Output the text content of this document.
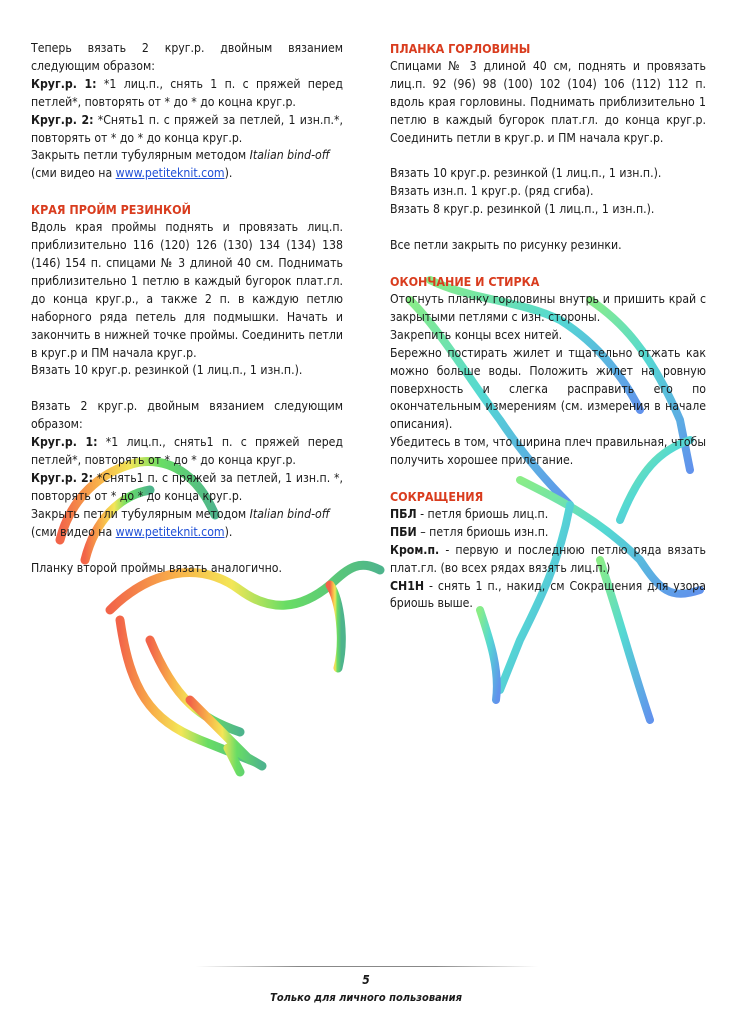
Теперь вязать 2 круг.р. двойным вязанием следующим образом:

Круг.р. 1: *1 лиц.п., снять 1 п. с пряжей перед петлей*, повторять от * до * до коцна круг.р.

Круг.р. 2: *Снять1 п. с пряжей за петлей, 1 изн.п.*, повторять от * до * до конца круг.р.

Закрыть петли тубулярным методом Italian bind-off

(сми видео на www.petiteknit.com).

КРАЯ ПРОЙМ РЕЗИНКОЙ

Вдоль края проймы поднять и провязать лиц.п. приблизительно 116 (120) 126 (130) 134 (134) 138 (146) 154 п. спицами № 3 длиной 40 см. Поднимать приблизительно 1 петлю в каждый бугорок плат.гл. до конца круг.р., а также 2 п. в каждую петлю наборного ряда петель для подмышки. Начать и закончить в нижней точке проймы. Соединить петли в круг.р и ПМ начала круг.р.

Вязать 10 круг.р. резинкой (1 лиц.п., 1 изн.п.).

Вязать 2 круг.р. двойным вязанием следующим образом:

Круг.р. 1: *1 лиц.п., снять1 п. с пряжей перед петлей*, повторять от * до * до конца круг.р.

Круг.р. 2: *Снять1 п. с пряжей за петлей, 1 изн.п. *, повторять от * до * до конца круг.р.

Закрыть петли тубулярным методом Italian bind-off

(сми видео на www.petiteknit.com).

Планку второй проймы вязать аналогично.

ПЛАНКА ГОРЛОВИНЫ

Спицами № 3 длиной 40 см, поднять и провязать лиц.п. 92 (96) 98 (100) 102 (104) 106 (112) 112 п. вдоль края горловины. Поднимать приблизительно 1 петлю в каждый бугорок плат.гл. до конца круг.р. Соединить петли в круг.р. и ПМ начала круг.р.

Вязать 10 круг.р. резинкой (1 лиц.п., 1 изн.п.).

Вязать изн.п. 1 круг.р. (ряд сгиба).

Вязать 8 круг.р. резинкой (1 лиц.п., 1 изн.п.).

Все петли закрыть по рисунку резинки.

ОКОНЧАНИЕ И СТИРКА

Отогнуть планку горловины внутрь и пришить край с закрытыми петлями с изн. стороны.

Закрепить концы всех нитей.

Бережно постирать жилет и тщательно отжать как можно больше воды. Положить жилет на ровную поверхность и слегка расправить его по окончательным измерениям (см. измерения в начале описания).

Убедитесь в том, что ширина плеч правильная, чтобы получить хорошее прилегание.

СОКРАЩЕНИЯ

ПБЛ - петля бриошь лиц.п.

ПБИ – петля бриошь изн.п.

Кром.п. - первую и последнюю петлю ряда вязать плат.гл. (во всех рядах вязять лиц.п.)

СН1Н - снять 1 п., накид, см Сокращения для узора бриошь выше.

5
Только для личного пользования
